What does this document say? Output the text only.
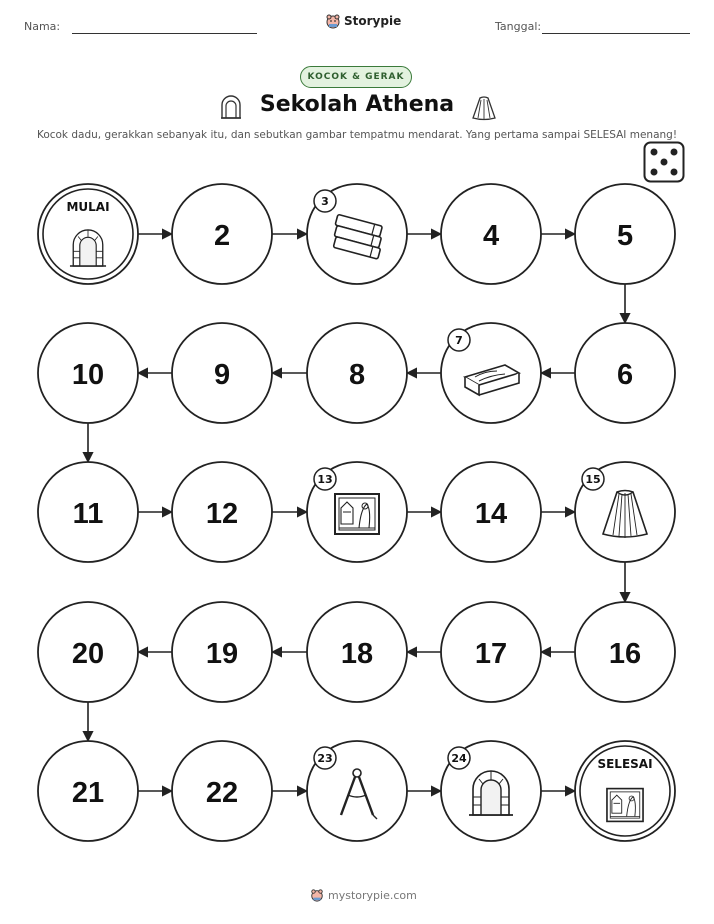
Nama:	Storypie	Tanggal:
KOCOK & GERAK
Sekolah Athena
Kocok dadu, gerakkan sebanyak itu, dan sebutkan gambar tempatmu mendarat. Yang pertama sampai SELESAI menang!
MULAI
2
3
4	5
6
7
8
9
10
11	12
13
14
15
16
17
18
19
20
21	22
23	24	SELESAI
mystorypie.com
